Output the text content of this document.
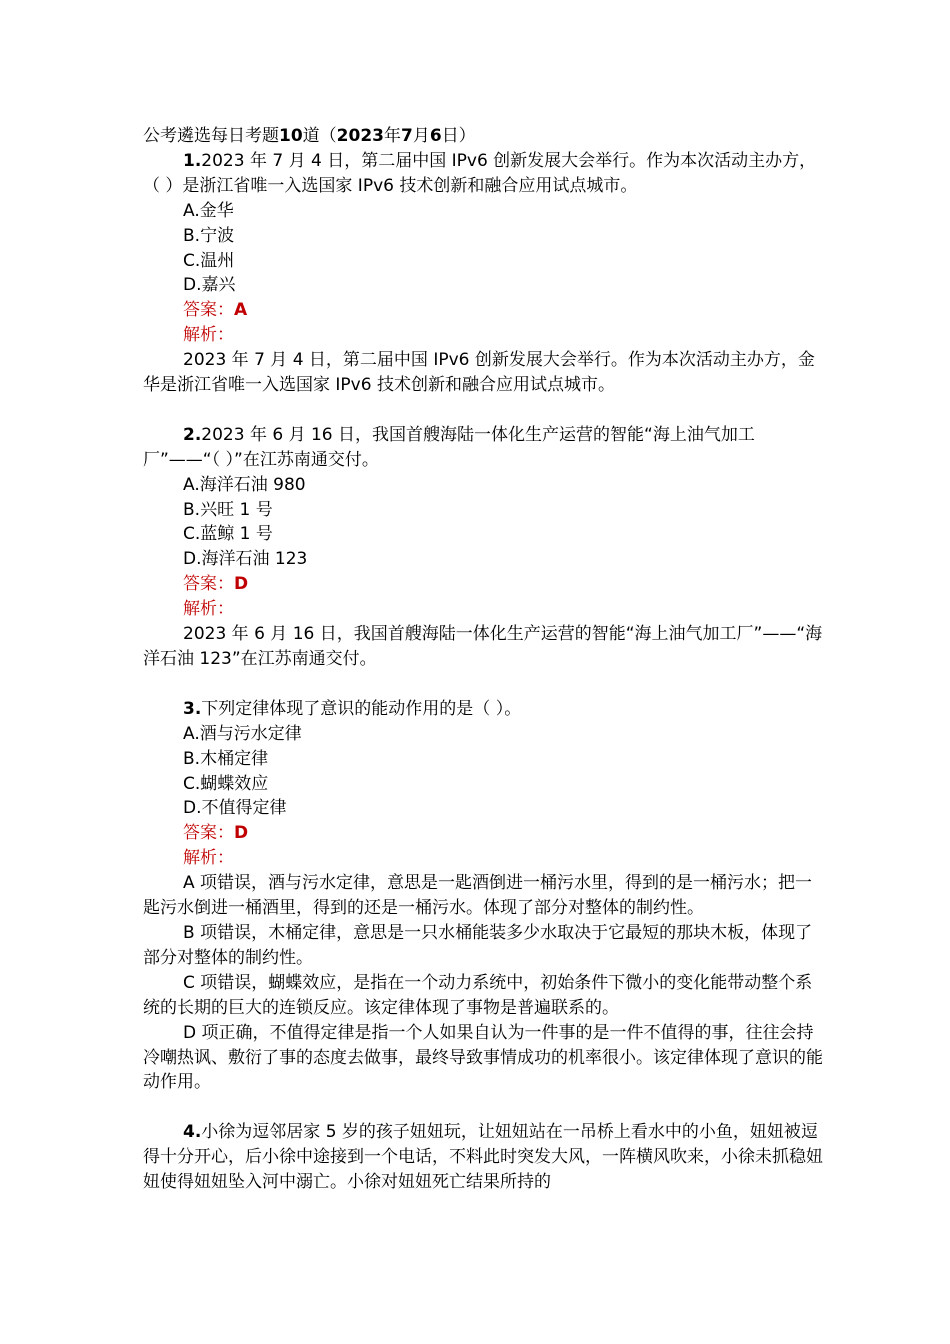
公考遴选每日考题10道（2023年7月6日）
1.2023 年 7 月 4 日，第二届中国 IPv6 创新发展大会举行。作为本次活动主办方，（ ）是浙江省唯一入选国家 IPv6 技术创新和融合应用试点城市。
A.金华
B.宁波
C.温州
D.嘉兴
答案：A
解析：
2023 年 7 月 4 日，第二届中国 IPv6 创新发展大会举行。作为本次活动主办方，金华是浙江省唯一入选国家 IPv6 技术创新和融合应用试点城市。
2.2023 年 6 月 16 日，我国首艘海陆一体化生产运营的智能“海上油气加工厂”——“（ ）”在江苏南通交付。
A.海洋石油 980
B.兴旺 1 号
C.蓝鲸 1 号
D.海洋石油 123
答案：D
解析：
2023 年 6 月 16 日，我国首艘海陆一体化生产运营的智能“海上油气加工厂”——“海洋石油 123”在江苏南通交付。
3.下列定律体现了意识的能动作用的是（ ）。
A.酒与污水定律
B.木桶定律
C.蝴蝶效应
D.不值得定律
答案：D
解析：
A 项错误，酒与污水定律，意思是一匙酒倒进一桶污水里，得到的是一桶污水；把一匙污水倒进一桶酒里，得到的还是一桶污水。体现了部分对整体的制约性。
B 项错误，木桶定律，意思是一只水桶能装多少水取决于它最短的那块木板，体现了部分对整体的制约性。
C 项错误，蝴蝶效应，是指在一个动力系统中，初始条件下微小的变化能带动整个系统的长期的巨大的连锁反应。该定律体现了事物是普遍联系的。
D 项正确，不值得定律是指一个人如果自认为一件事的是一件不值得的事，往往会持冷嘲热讽、敷衍了事的态度去做事，最终导致事情成功的机率很小。该定律体现了意识的能动作用。
4.小徐为逗邻居家 5 岁的孩子妞妞玩，让妞妞站在一吊桥上看水中的小鱼，妞妞被逗得十分开心，后小徐中途接到一个电话，不料此时突发大风，一阵横风吹来，小徐未抓稳妞妞使得妞妞坠入河中溺亡。小徐对妞妞死亡结果所持的
